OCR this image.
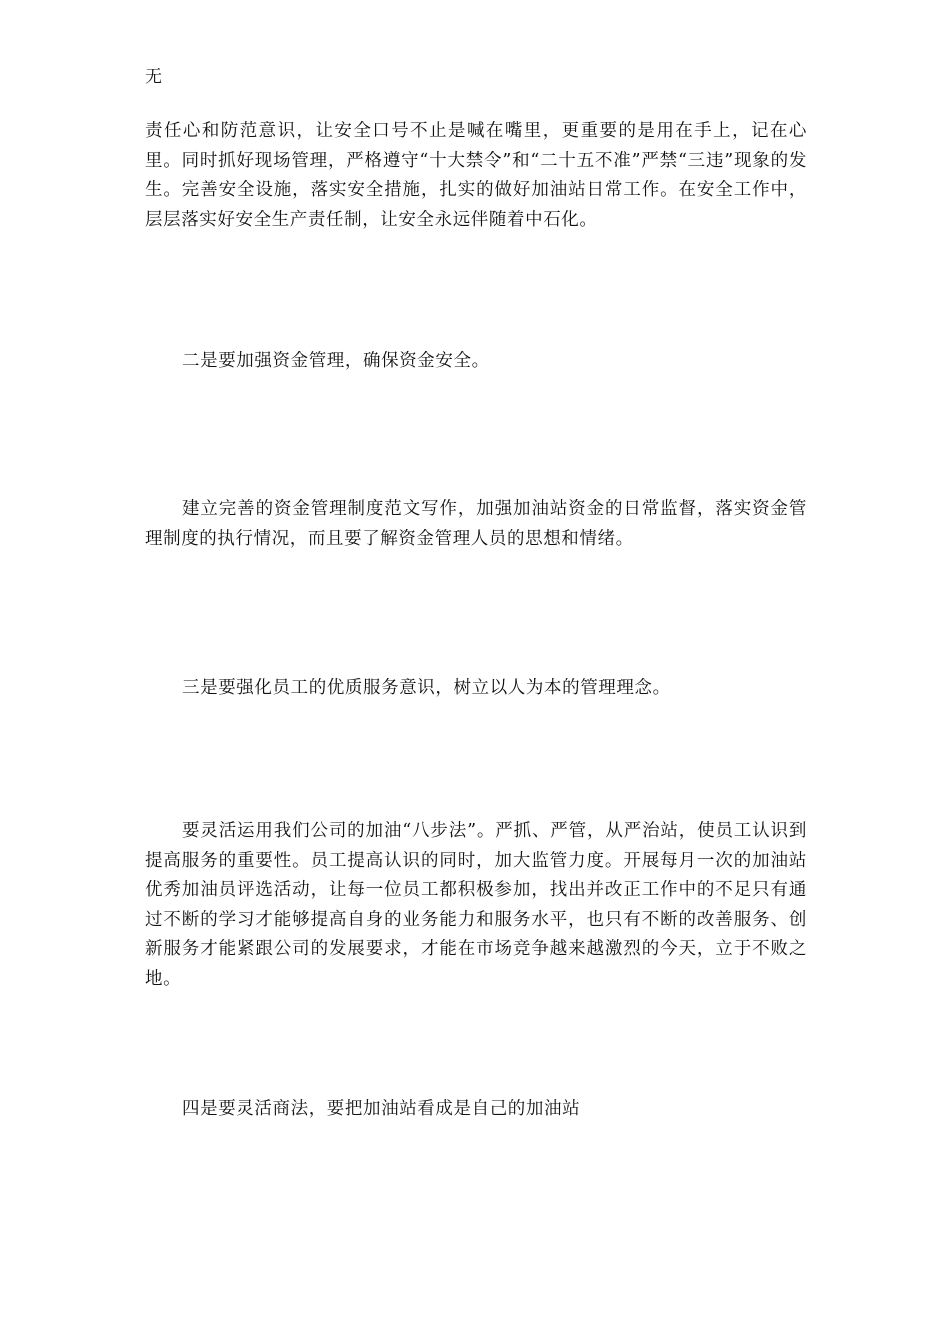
无

责任心和防范意识，让安全口号不止是喊在嘴里，更重要的是用在手上，记在心里。同时抓好现场管理，严格遵守“十大禁令”和“二十五不准”严禁“三违”现象的发生。完善安全设施，落实安全措施，扎实的做好加油站日常工作。在安全工作中，层层落实好安全生产责任制，让安全永远伴随着中石化。

二是要加强资金管理，确保资金安全。

建立完善的资金管理制度范文写作，加强加油站资金的日常监督，落实资金管理制度的执行情况，而且要了解资金管理人员的思想和情绪。

三是要强化员工的优质服务意识，树立以人为本的管理理念。

要灵活运用我们公司的加油“八步法”。严抓、严管，从严治站，使员工认识到提高服务的重要性。员工提高认识的同时，加大监管力度。开展每月一次的加油站优秀加油员评选活动，让每一位员工都积极参加，找出并改正工作中的不足只有通过不断的学习才能够提高自身的业务能力和服务水平，也只有不断的改善服务、创新服务才能紧跟公司的发展要求，才能在市场竞争越来越激烈的今天，立于不败之地。

四是要灵活商法，要把加油站看成是自己的加油站
